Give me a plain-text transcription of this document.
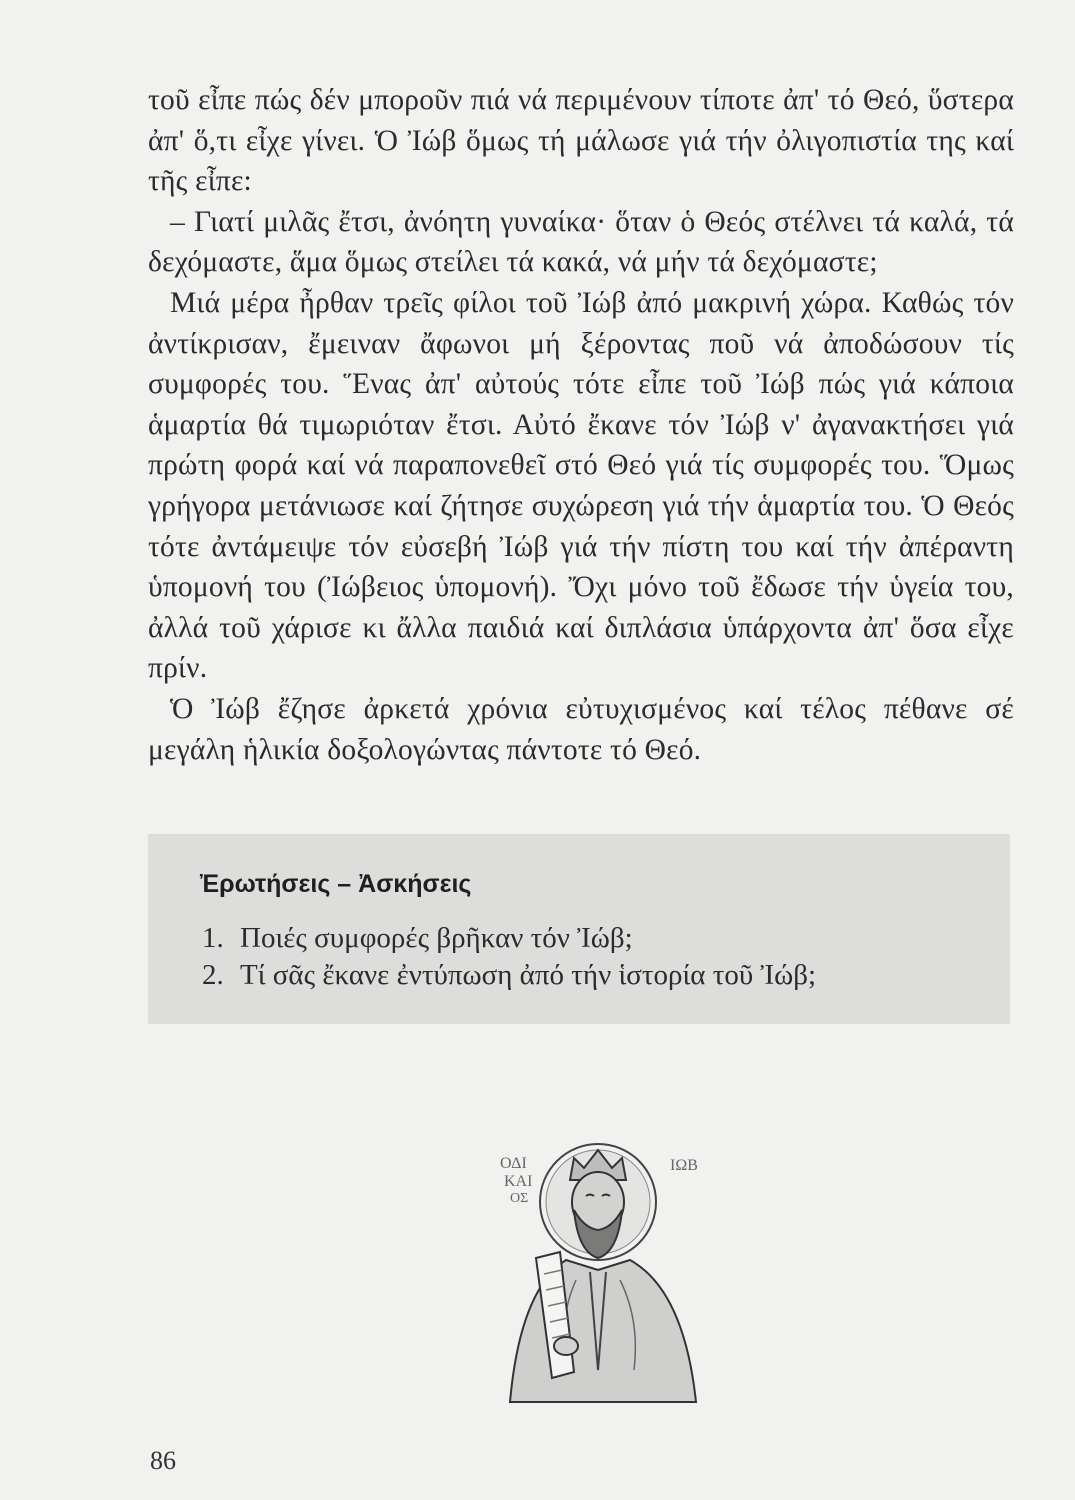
τοῦ εἶπε πώς δέν μποροῦν πιά νά περιμένουν τίποτε ἀπ' τό Θεό, ὕστερα ἀπ' ὅ,τι εἶχε γίνει. Ὁ Ἰώβ ὅμως τή μάλωσε γιά τήν ὀλιγοπιστία της καί τῆς εἶπε:

– Γιατί μιλᾶς ἔτσι, ἀνόητη γυναίκα· ὅταν ὁ Θεός στέλνει τά καλά, τά δεχόμαστε, ἅμα ὅμως στείλει τά κακά, νά μήν τά δεχόμαστε;

Μιά μέρα ἦρθαν τρεῖς φίλοι τοῦ Ἰώβ ἀπό μακρινή χώρα. Καθώς τόν ἀντίκρισαν, ἔμειναν ἄφωνοι μή ξέροντας ποῦ νά ἀποδώσουν τίς συμφορές του. Ἕνας ἀπ' αὐτούς τότε εἶπε τοῦ Ἰώβ πώς γιά κάποια ἁμαρτία θά τιμωριόταν ἔτσι. Αὐτό ἔκανε τόν Ἰώβ ν' ἀγανακτήσει γιά πρώτη φορά καί νά παραπονεθεῖ στό Θεό γιά τίς συμφορές του. Ὅμως γρήγορα μετάνιωσε καί ζήτησε συχώρεση γιά τήν ἁμαρτία του. Ὁ Θεός τότε ἀντάμειψε τόν εὐσεβή Ἰώβ γιά τήν πίστη του καί τήν ἀπέραντη ὑπομονή του (Ἰώβειος ὑπομονή). Ὄχι μόνο τοῦ ἔδωσε τήν ὑγεία του, ἀλλά τοῦ χάρισε κι ἄλλα παιδιά καί διπλάσια ὑπάρχοντα ἀπ' ὅσα εἶχε πρίν.

Ὁ Ἰώβ ἔζησε ἀρκετά χρόνια εὐτυχισμένος καί τέλος πέθανε σέ μεγάλη ἡλικία δοξολογώντας πάντοτε τό Θεό.

Ἐρωτήσεις – Ἀσκήσεις
1. Ποιές συμφορές βρῆκαν τόν Ἰώβ;
2. Τί σᾶς ἔκανε ἐντύπωση ἀπό τήν ἱστορία τοῦ Ἰώβ;
ΟΔΙ
ΚΑΙ
ΟΣ
ΙΩΒ
86
